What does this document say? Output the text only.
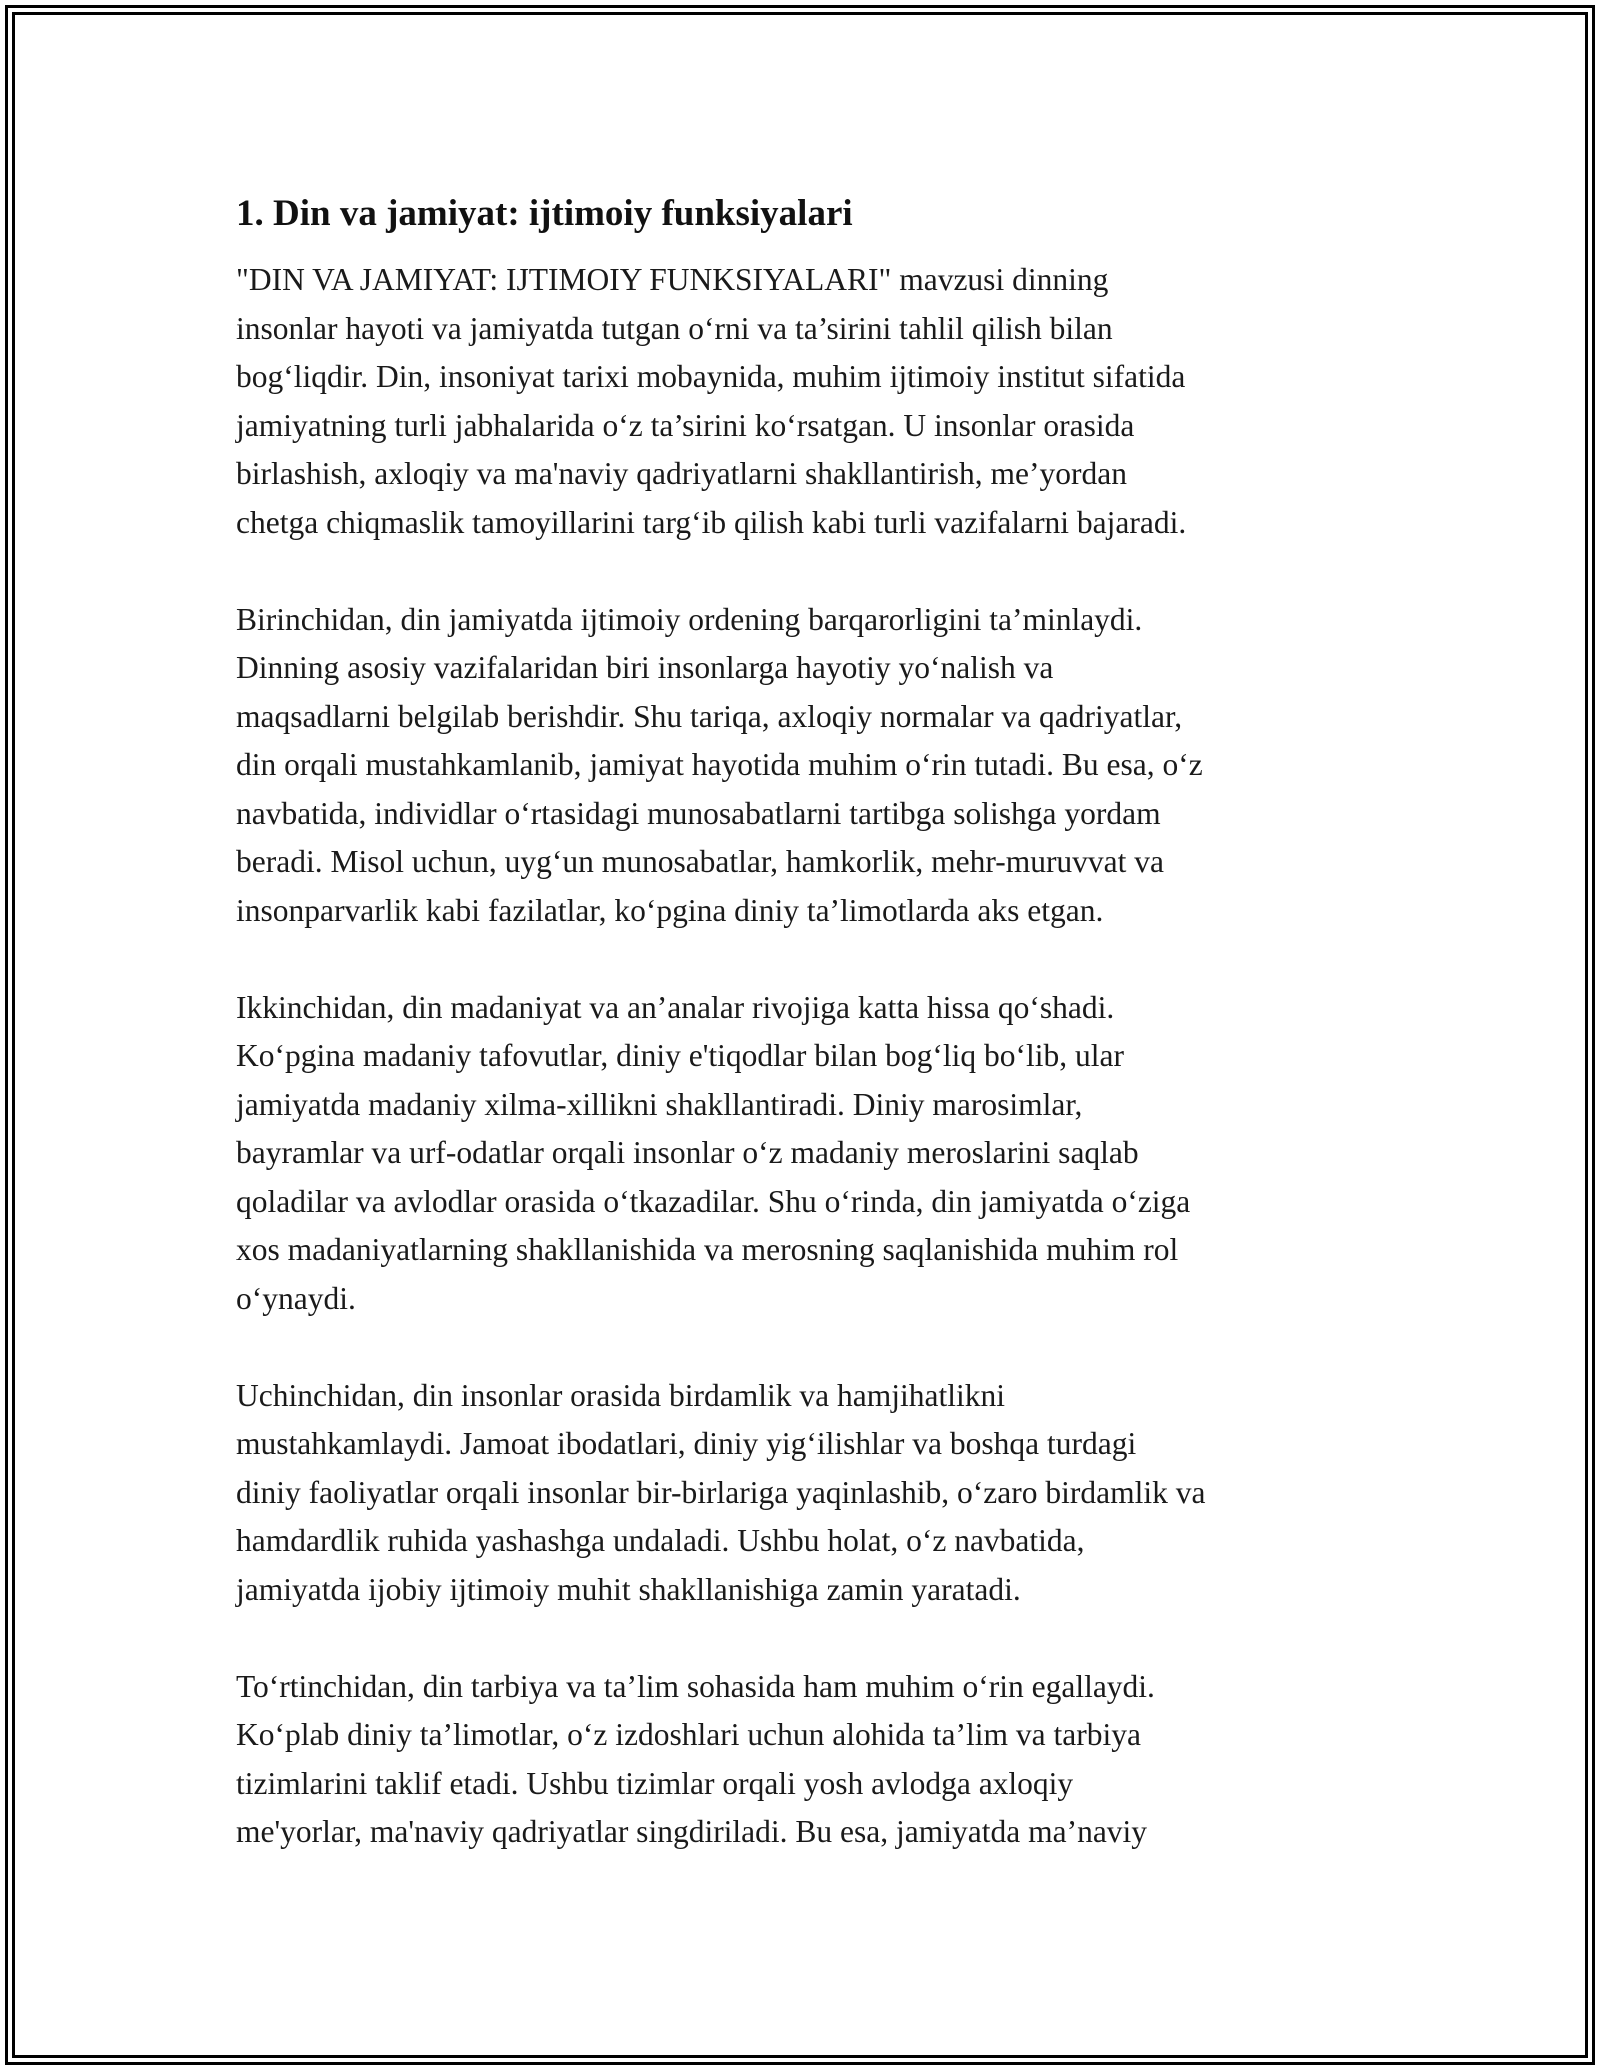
1. Din va jamiyat: ijtimoiy funksiyalari

"DIN VA JAMIYAT: IJTIMOIY FUNKSIYALARI" mavzusi dinning
insonlar hayoti va jamiyatda tutgan o‘rni va ta’sirini tahlil qilish bilan
bog‘liqdir. Din, insoniyat tarixi mobaynida, muhim ijtimoiy institut sifatida
jamiyatning turli jabhalarida o‘z ta’sirini ko‘rsatgan. U insonlar orasida
birlashish, axloqiy va ma'naviy qadriyatlarni shakllantirish, me’yordan
chetga chiqmaslik tamoyillarini targ‘ib qilish kabi turli vazifalarni bajaradi.

Birinchidan, din jamiyatda ijtimoiy ordening barqarorligini ta’minlaydi.
Dinning asosiy vazifalaridan biri insonlarga hayotiy yo‘nalish va
maqsadlarni belgilab berishdir. Shu tariqa, axloqiy normalar va qadriyatlar,
din orqali mustahkamlanib, jamiyat hayotida muhim o‘rin tutadi. Bu esa, o‘z
navbatida, individlar o‘rtasidagi munosabatlarni tartibga solishga yordam
beradi. Misol uchun, uyg‘un munosabatlar, hamkorlik, mehr-muruvvat va
insonparvarlik kabi fazilatlar, ko‘pgina diniy ta’limotlarda aks etgan.

Ikkinchidan, din madaniyat va an’analar rivojiga katta hissa qo‘shadi.
Ko‘pgina madaniy tafovutlar, diniy e'tiqodlar bilan bog‘liq bo‘lib, ular
jamiyatda madaniy xilma-xillikni shakllantiradi. Diniy marosimlar,
bayramlar va urf-odatlar orqali insonlar o‘z madaniy meroslarini saqlab
qoladilar va avlodlar orasida o‘tkazadilar. Shu o‘rinda, din jamiyatda o‘ziga
xos madaniyatlarning shakllanishida va merosning saqlanishida muhim rol
o‘ynaydi.

Uchinchidan, din insonlar orasida birdamlik va hamjihatlikni
mustahkamlaydi. Jamoat ibodatlari, diniy yig‘ilishlar va boshqa turdagi
diniy faoliyatlar orqali insonlar bir-birlariga yaqinlashib, o‘zaro birdamlik va
hamdardlik ruhida yashashga undaladi. Ushbu holat, o‘z navbatida,
jamiyatda ijobiy ijtimoiy muhit shakllanishiga zamin yaratadi.

To‘rtinchidan, din tarbiya va ta’lim sohasida ham muhim o‘rin egallaydi.
Ko‘plab diniy ta’limotlar, o‘z izdoshlari uchun alohida ta’lim va tarbiya
tizimlarini taklif etadi. Ushbu tizimlar orqali yosh avlodga axloqiy
me'yorlar, ma'naviy qadriyatlar singdiriladi. Bu esa, jamiyatda ma’naviy
